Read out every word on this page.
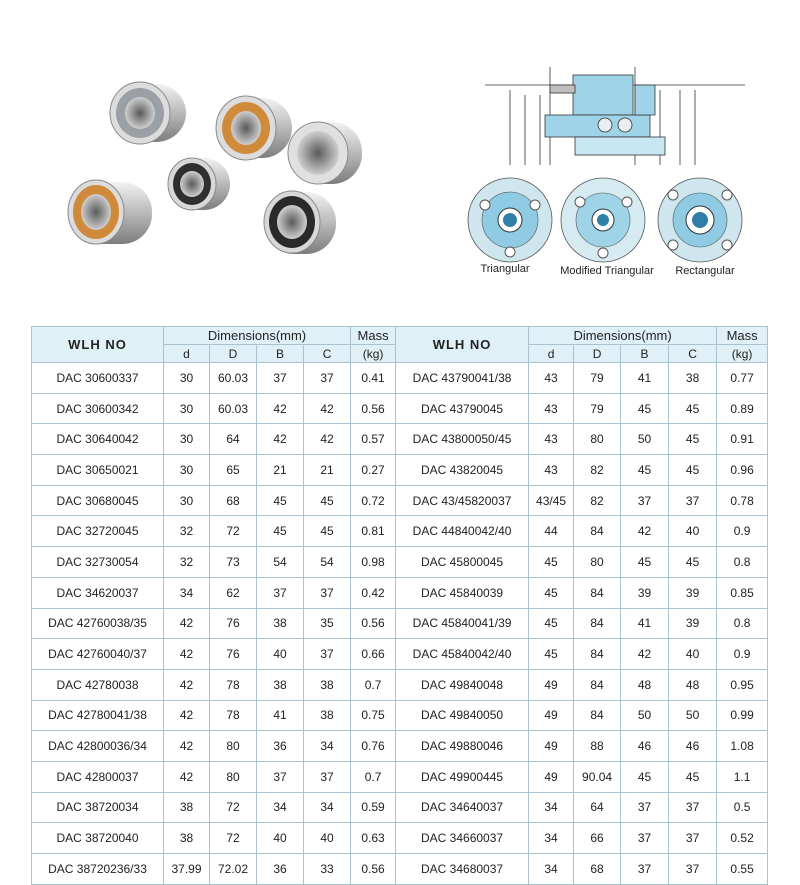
Triangular	Modified Triangular	Rectangular
WLH NO	Dimensions(mm)				Mass	WLH NO	Dimensions(mm)				Mass
	d	D	B	C	(kg)		d	D	B	C	(kg)
DAC 30600337	30	60.03	37	37	0.41	DAC 43790041/38	43	79	41	38	0.77
DAC 30600342	30	60.03	42	42	0.56	DAC 43790045	43	79	45	45	0.89
DAC 30640042	30	64	42	42	0.57	DAC 43800050/45	43	80	50	45	0.91
DAC 30650021	30	65	21	21	0.27	DAC 43820045	43	82	45	45	0.96
DAC 30680045	30	68	45	45	0.72	DAC 43/45820037	43/45	82	37	37	0.78
DAC 32720045	32	72	45	45	0.81	DAC 44840042/40	44	84	42	40	0.9
DAC 32730054	32	73	54	54	0.98	DAC 45800045	45	80	45	45	0.8
DAC 34620037	34	62	37	37	0.42	DAC 45840039	45	84	39	39	0.85
DAC 42760038/35	42	76	38	35	0.56	DAC 45840041/39	45	84	41	39	0.8
DAC 42760040/37	42	76	40	37	0.66	DAC 45840042/40	45	84	42	40	0.9
DAC 42780038	42	78	38	38	0.7	DAC 49840048	49	84	48	48	0.95
DAC 42780041/38	42	78	41	38	0.75	DAC 49840050	49	84	50	50	0.99
DAC 42800036/34	42	80	36	34	0.76	DAC 49880046	49	88	46	46	1.08
DAC 42800037	42	80	37	37	0.7	DAC 49900445	49	90.04	45	45	1.1
DAC 38720034	38	72	34	34	0.59	DAC 34640037	34	64	37	37	0.5
DAC 38720040	38	72	40	40	0.63	DAC 34660037	34	66	37	37	0.52
DAC 38720236/33	37.99	72.02	36	33	0.56	DAC 34680037	34	68	37	37	0.55
